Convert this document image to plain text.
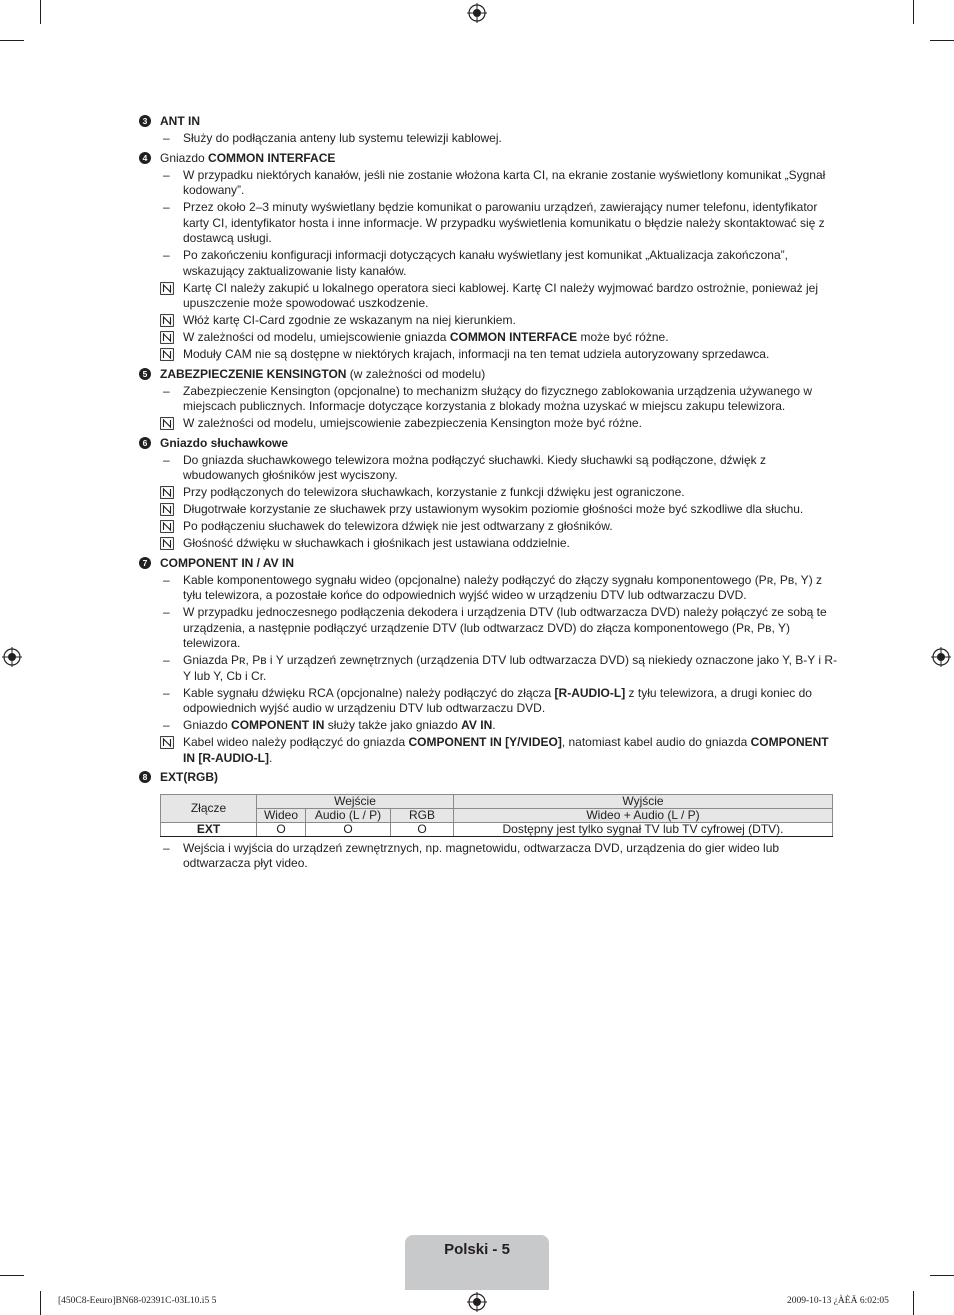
3	ANT IN
–	Służy do podłączania anteny lub systemu telewizji kablowej.
4	Gniazdo COMMON INTERFACE
–	W przypadku niektórych kanałów, jeśli nie zostanie włożona karta CI, na ekranie zostanie wyświetlony komunikat „Sygnał kodowany”.
–	Przez około 2–3 minuty wyświetlany będzie komunikat o parowaniu urządzeń, zawierający numer telefonu, identyfikator karty CI, identyfikator hosta i inne informacje. W przypadku wyświetlenia komunikatu o błędzie należy skontaktować się z dostawcą usługi.
–	Po zakończeniu konfiguracji informacji dotyczących kanału wyświetlany jest komunikat „Aktualizacja zakończona”, wskazujący zaktualizowanie listy kanałów.
Kartę CI należy zakupić u lokalnego operatora sieci kablowej. Kartę CI należy wyjmować bardzo ostrożnie, ponieważ jej upuszczenie może spowodować uszkodzenie.
Włóż kartę CI-Card zgodnie ze wskazanym na niej kierunkiem.
W zależności od modelu, umiejscowienie gniazda COMMON INTERFACE może być różne.
Moduły CAM nie są dostępne w niektórych krajach, informacji na ten temat udziela autoryzowany sprzedawca.
5	ZABEZPIECZENIE KENSINGTON (w zależności od modelu)
–	Zabezpieczenie Kensington (opcjonalne) to mechanizm służący do fizycznego zablokowania urządzenia używanego w miejscach publicznych. Informacje dotyczące korzystania z blokady można uzyskać w miejscu zakupu telewizora.
W zależności od modelu, umiejscowienie zabezpieczenia Kensington może być różne.
6	Gniazdo słuchawkowe
–	Do gniazda słuchawkowego telewizora można podłączyć słuchawki. Kiedy słuchawki są podłączone, dźwięk z wbudowanych głośników jest wyciszony.
Przy podłączonych do telewizora słuchawkach, korzystanie z funkcji dźwięku jest ograniczone.
Długotrwałe korzystanie ze słuchawek przy ustawionym wysokim poziomie głośności może być szkodliwe dla słuchu.
Po podłączeniu słuchawek do telewizora dźwięk nie jest odtwarzany z głośników.
Głośność dźwięku w słuchawkach i głośnikach jest ustawiana oddzielnie.
7	COMPONENT IN / AV IN
–	Kable komponentowego sygnału wideo (opcjonalne) należy podłączyć do złączy sygnału komponentowego (Pʀ, Pʙ, Y) z tyłu telewizora, a pozostałe końce do odpowiednich wyjść wideo w urządzeniu DTV lub odtwarzaczu DVD.
–	W przypadku jednoczesnego podłączenia dekodera i urządzenia DTV (lub odtwarzacza DVD) należy połączyć ze sobą te urządzenia, a następnie podłączyć urządzenie DTV (lub odtwarzacz DVD) do złącza komponentowego (Pʀ, Pʙ, Y) telewizora.
–	Gniazda Pʀ, Pʙ i Y urządzeń zewnętrznych (urządzenia DTV lub odtwarzacza DVD) są niekiedy oznaczone jako Y, B-Y i R-Y lub Y, Cb i Cr.
–	Kable sygnału dźwięku RCA (opcjonalne) należy podłączyć do złącza [R-AUDIO-L] z tyłu telewizora, a drugi koniec do odpowiednich wyjść audio w urządzeniu DTV lub odtwarzaczu DVD.
–	Gniazdo COMPONENT IN służy także jako gniazdo AV IN.
Kabel wideo należy podłączyć do gniazda COMPONENT IN [Y/VIDEO], natomiast kabel audio do gniazda COMPONENT IN [R-AUDIO-L].
8	EXT(RGB)
Złącze	Wejście			Wyjście
	Wideo	Audio (L / P)	RGB	Wideo + Audio (L / P)
EXT	O	O	O	Dostępny jest tylko sygnał TV lub TV cyfrowej (DTV).
–	Wejścia i wyjścia do urządzeń zewnętrznych, np. magnetowidu, odtwarzacza DVD, urządzenia do gier wideo lub odtwarzacza płyt video.
Polski - 5
[450C8-Eeuro]BN68-02391C-03L10.i5 5	2009-10-13 ¿ÀÈÄ 6:02:05
